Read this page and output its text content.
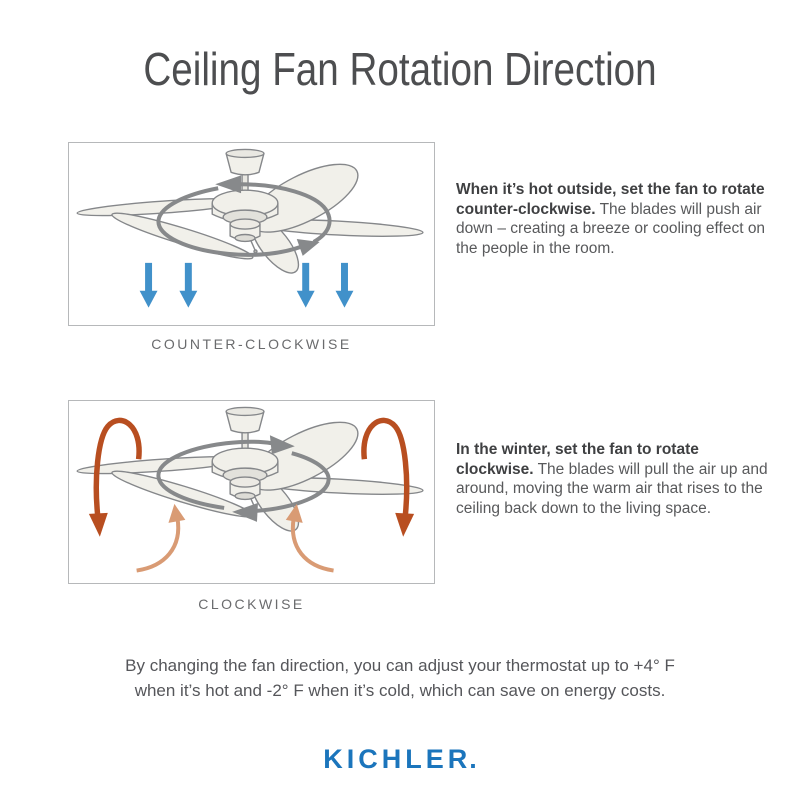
Ceiling Fan Rotation Direction
COUNTER-CLOCKWISE

When it’s hot outside, set the fan to rotate counter-clockwise. The blades will push air down – creating a breeze or cooling effect on the people in the room.

CLOCKWISE

In the winter, set the fan to rotate clockwise. The blades will pull the air up and around, moving the warm air that rises to the ceiling back down to the living space.

By changing the fan direction, you can adjust your thermostat up to +4° F
when it’s hot and -2° F when it’s cold, which can save on energy costs.
KICHLER.
